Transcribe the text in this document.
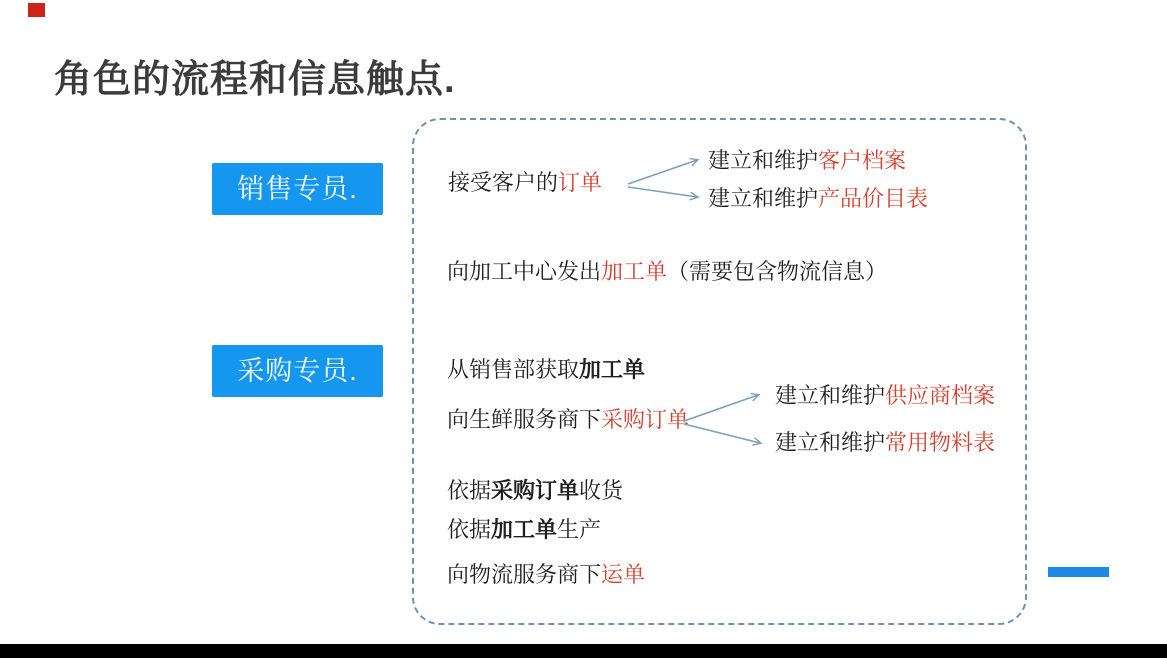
角色的流程和信息触点.
销售专员.
采购专员.
接受客户的订单
建立和维护客户档案
建立和维护产品价目表
向加工中心发出加工单（需要包含物流信息）
从销售部获取加工单
向生鲜服务商下采购订单
建立和维护供应商档案
建立和维护常用物料表
依据采购订单收货
依据加工单生产
向物流服务商下运单
